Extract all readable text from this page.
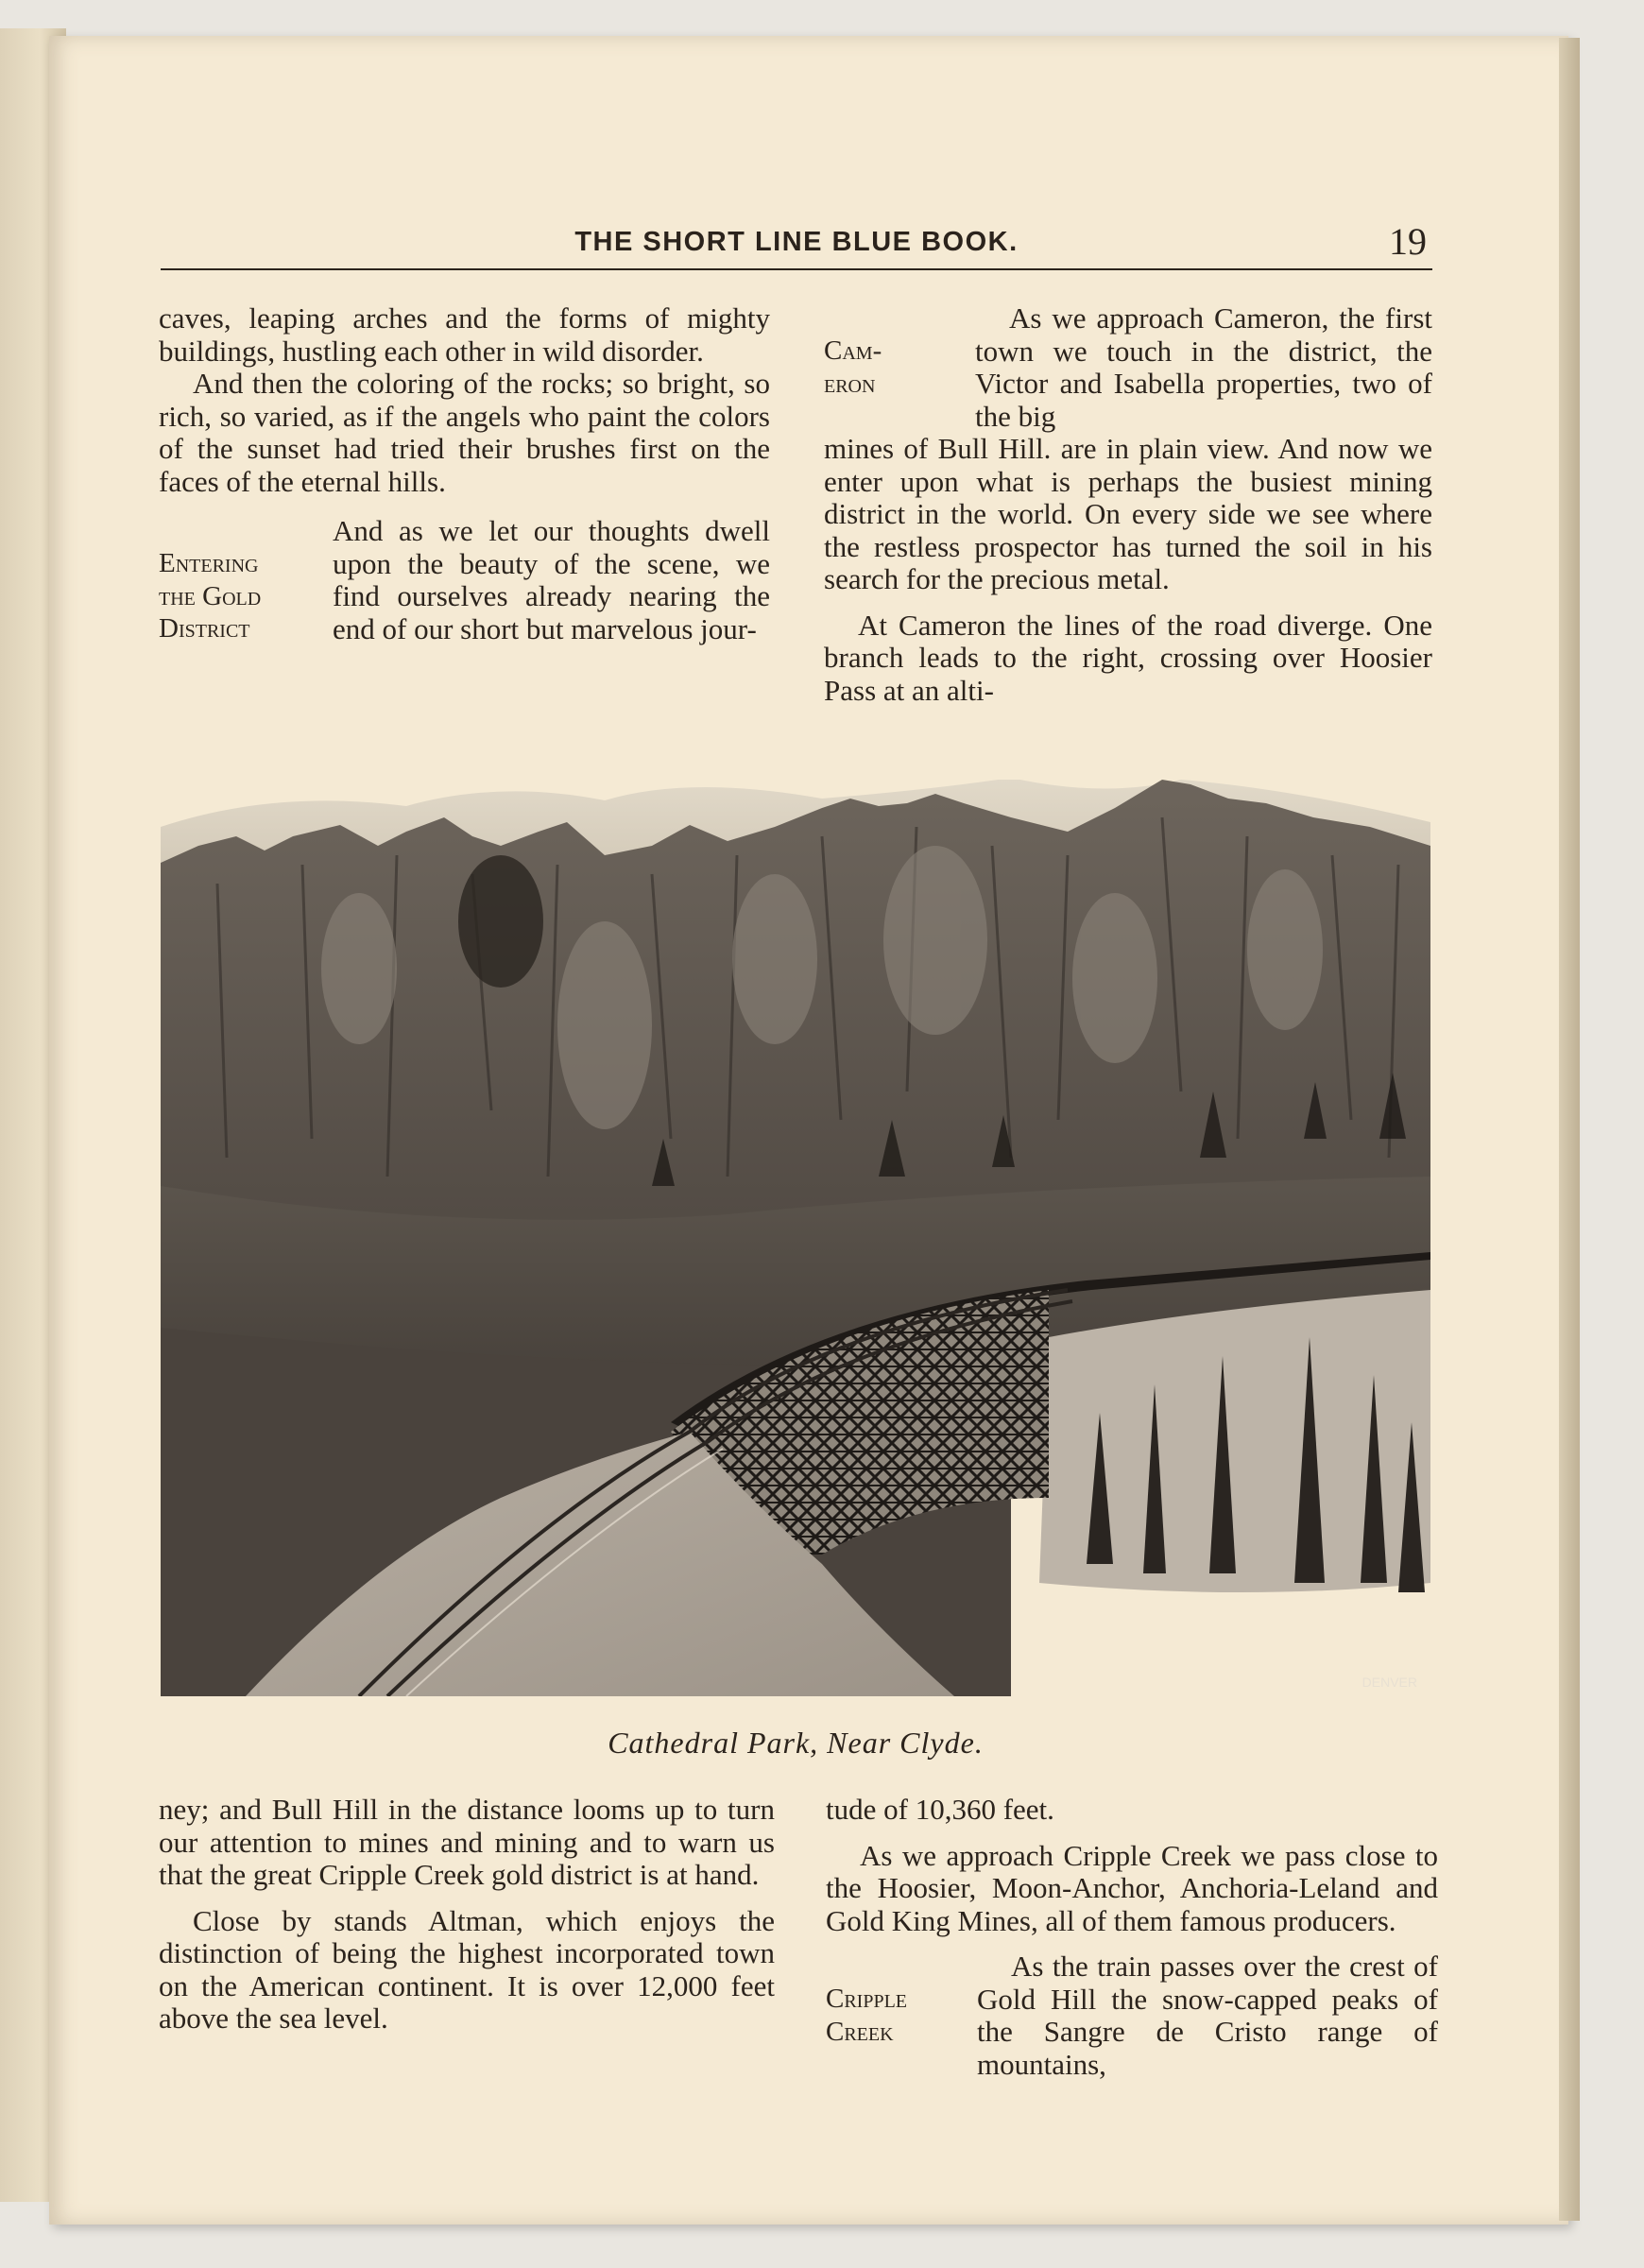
THE SHORT LINE BLUE BOOK.	19

caves, leaping arches and the forms of mighty buildings, hustling each other in wild disorder.

And then the coloring of the rocks; so bright, so rich, so varied, as if the angels who paint the colors of the sunset had tried their brushes first on the faces of the eternal hills.

Entering
the Gold
District
And as we let our thoughts dwell upon the beauty of the scene, we find ourselves already nearing the end of our short but marvelous jour-
Cam-
eron
As we approach Cameron, the first town we touch in the district, the Victor and Isabella properties, two of the big

mines of Bull Hill. are in plain view. And now we enter upon what is perhaps the busiest mining district in the world. On every side we see where the restless prospector has turned the soil in his search for the precious metal.

At Cameron the lines of the road diverge. One branch leads to the right, crossing over Hoosier Pass at an alti-

DENVER
Cathedral Park, Near Clyde.

ney; and Bull Hill in the distance looms up to turn our attention to mines and mining and to warn us that the great Cripple Creek gold district is at hand.

Close by stands Altman, which enjoys the distinction of being the highest incorporated town on the American continent. It is over 12,000 feet above the sea level.

tude of 10,360 feet.

As we approach Cripple Creek we pass close to the Hoosier, Moon-Anchor, Anchoria-Leland and Gold King Mines, all of them famous producers.

Cripple
Creek
As the train passes over the crest of Gold Hill the snow-capped peaks of the Sangre de Cristo range of mountains,
